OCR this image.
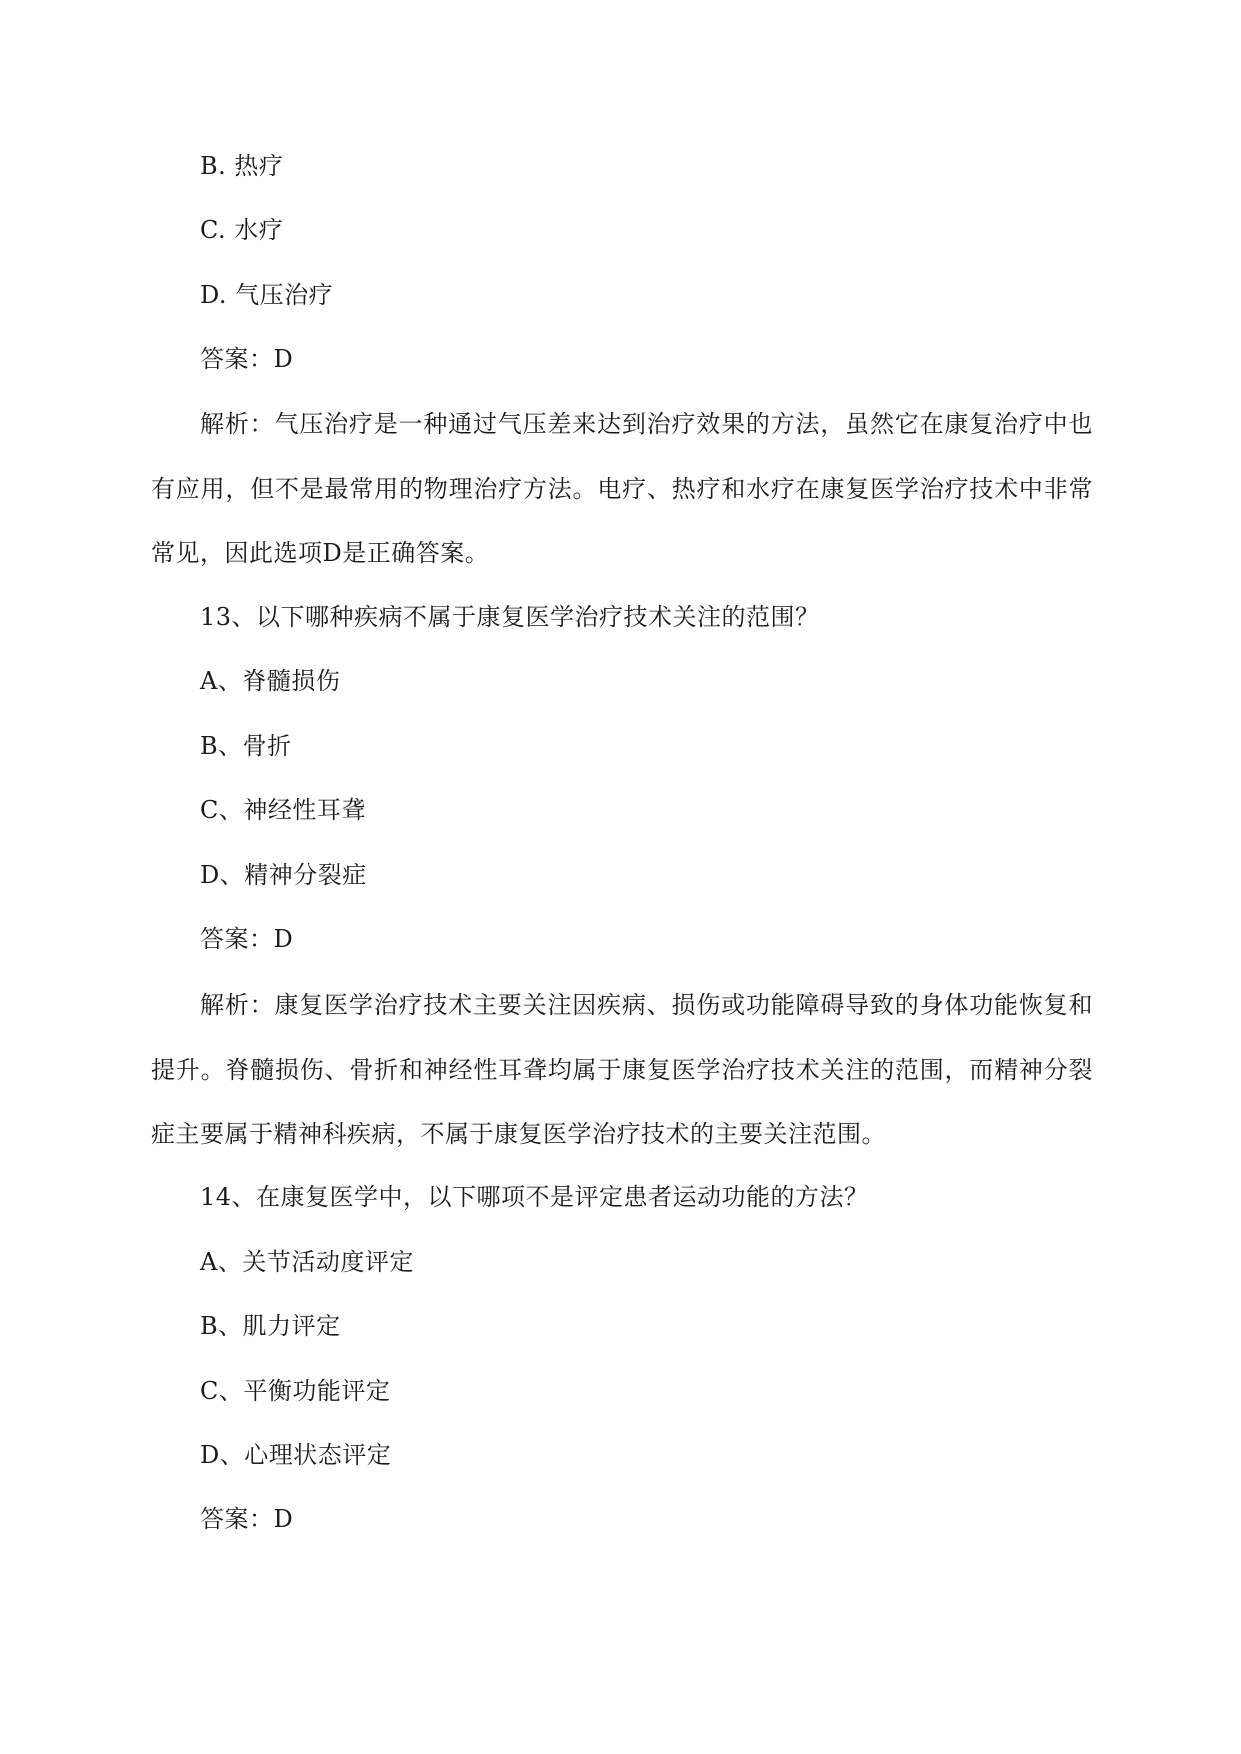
B. 热疗
C. 水疗
D. 气压治疗
答案：D
解析：气压治疗是一种通过气压差来达到治疗效果的方法，虽然它在康复治疗中也有应用，但不是最常用的物理治疗方法。电疗、热疗和水疗在康复医学治疗技术中非常常见，因此选项D是正确答案。
13、以下哪种疾病不属于康复医学治疗技术关注的范围？
A、脊髓损伤
B、骨折
C、神经性耳聋
D、精神分裂症
答案：D
解析：康复医学治疗技术主要关注因疾病、损伤或功能障碍导致的身体功能恢复和提升。脊髓损伤、骨折和神经性耳聋均属于康复医学治疗技术关注的范围，而精神分裂症主要属于精神科疾病，不属于康复医学治疗技术的主要关注范围。
14、在康复医学中，以下哪项不是评定患者运动功能的方法？
A、关节活动度评定
B、肌力评定
C、平衡功能评定
D、心理状态评定
答案：D
